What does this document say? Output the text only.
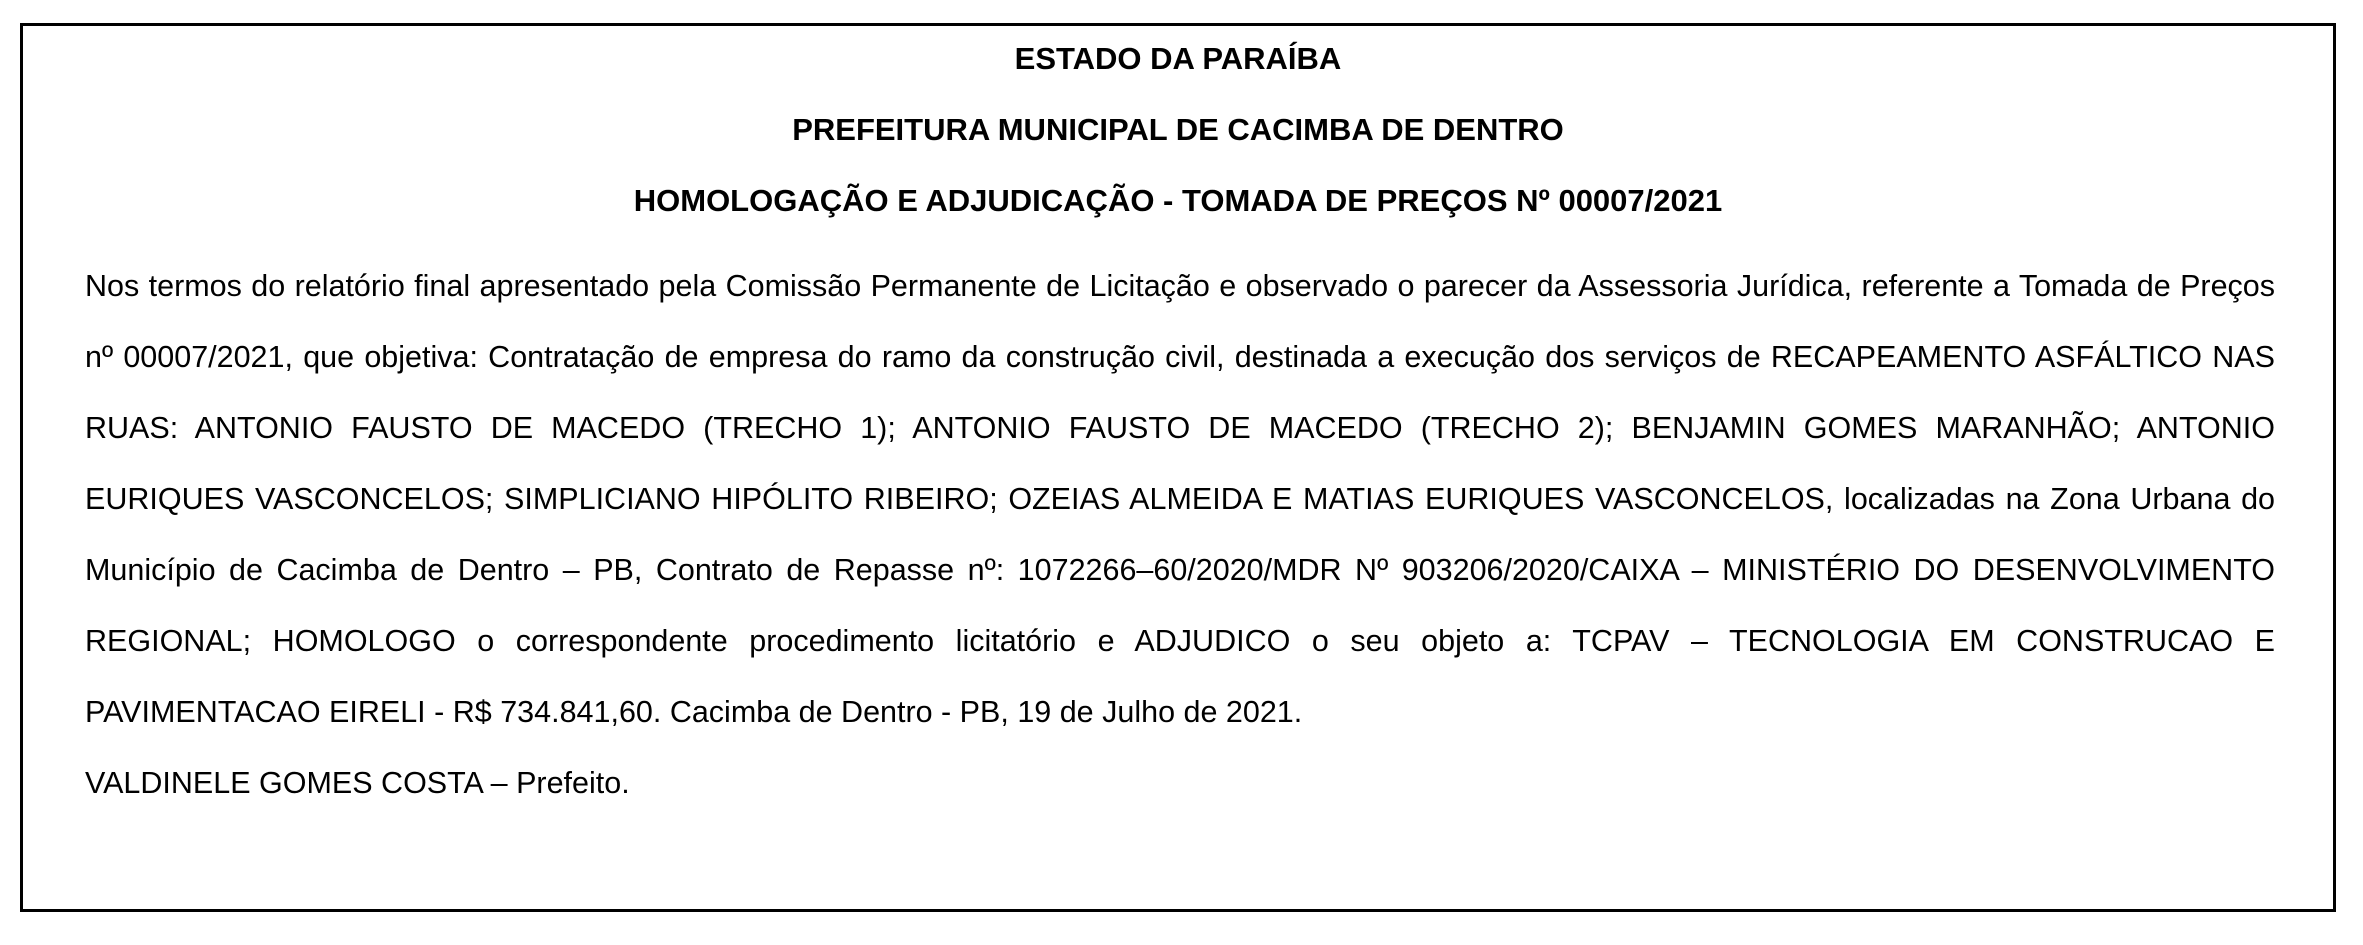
ESTADO DA PARAÍBA
PREFEITURA MUNICIPAL DE CACIMBA DE DENTRO
HOMOLOGAÇÃO E ADJUDICAÇÃO - TOMADA DE PREÇOS Nº 00007/2021

Nos termos do relatório final apresentado pela Comissão Permanente de Licitação e observado o parecer da Assessoria Jurídica, referente a Tomada de Preços nº 00007/2021, que objetiva: Contratação de empresa do ramo da construção civil, destinada a execução dos serviços de RECAPEAMENTO ASFÁLTICO NAS RUAS: ANTONIO FAUSTO DE MACEDO (TRECHO 1); ANTONIO FAUSTO DE MACEDO (TRECHO 2); BENJAMIN GOMES MARANHÃO; ANTONIO EURIQUES VASCONCELOS; SIMPLICIANO HIPÓLITO RIBEIRO; OZEIAS ALMEIDA E MATIAS EURIQUES VASCONCELOS, localizadas na Zona Urbana do Município de Cacimba de Dentro – PB, Contrato de Repasse nº: 1072266–60/2020/MDR Nº 903206/2020/CAIXA – MINISTÉRIO DO DESENVOLVIMENTO REGIONAL; HOMOLOGO o correspondente procedimento licitatório e ADJUDICO o seu objeto a: TCPAV – TECNOLOGIA EM CONSTRUCAO E PAVIMENTACAO EIRELI - R$ 734.841,60. Cacimba de Dentro - PB, 19 de Julho de 2021.

VALDINELE GOMES COSTA – Prefeito.
